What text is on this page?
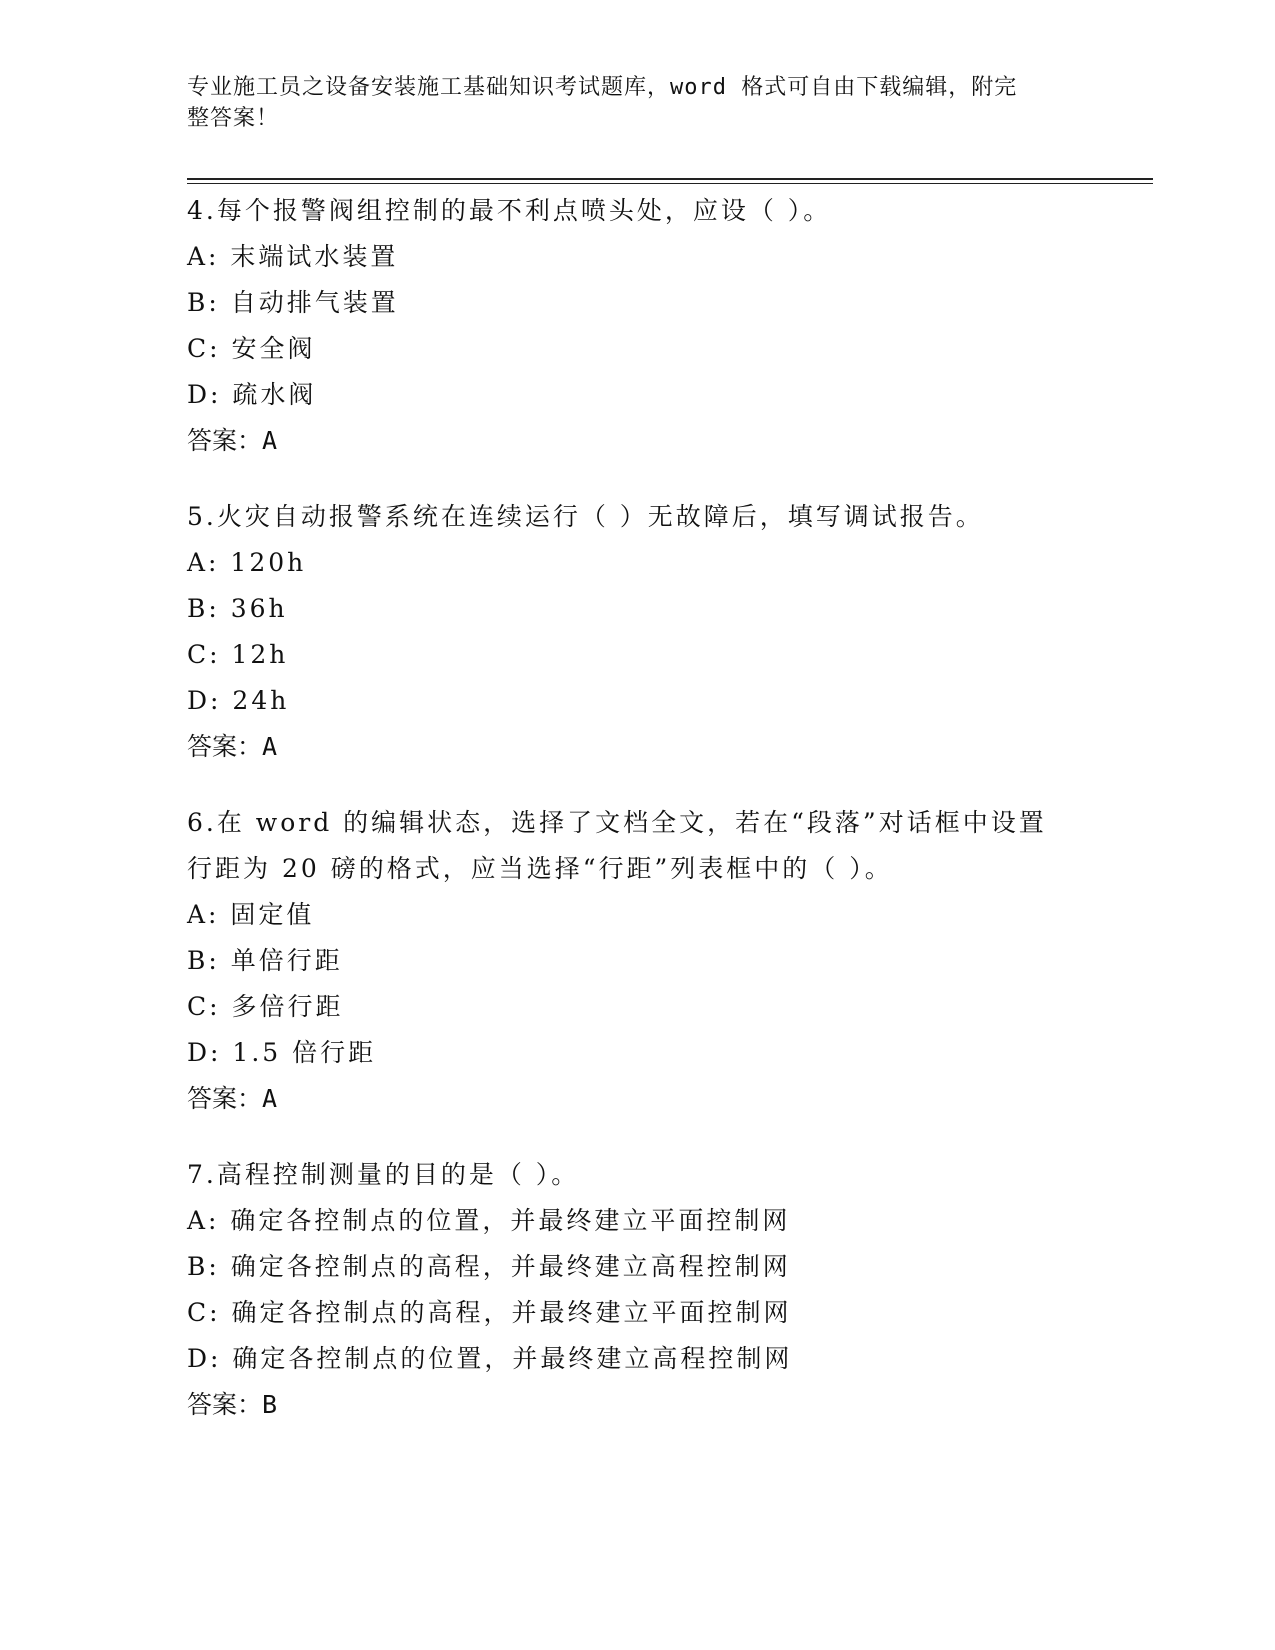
专业施工员之设备安装施工基础知识考试题库，word 格式可自由下载编辑，附完
整答案！

4.每个报警阀组控制的最不利点喷头处，应设（ ）。

A: 末端试水装置

B: 自动排气装置

C: 安全阀

D: 疏水阀

答案：A

5.火灾自动报警系统在连续运行（ ）无故障后，填写调试报告。

A: 120h

B: 36h

C: 12h

D: 24h

答案：A

6.在 word 的编辑状态，选择了文档全文，若在“段落”对话框中设置

行距为 20 磅的格式，应当选择“行距”列表框中的（ ）。

A: 固定值

B: 单倍行距

C: 多倍行距

D: 1.5 倍行距

答案：A

7.高程控制测量的目的是（ ）。

A: 确定各控制点的位置，并最终建立平面控制网

B: 确定各控制点的高程，并最终建立高程控制网

C: 确定各控制点的高程，并最终建立平面控制网

D: 确定各控制点的位置，并最终建立高程控制网

答案：B
